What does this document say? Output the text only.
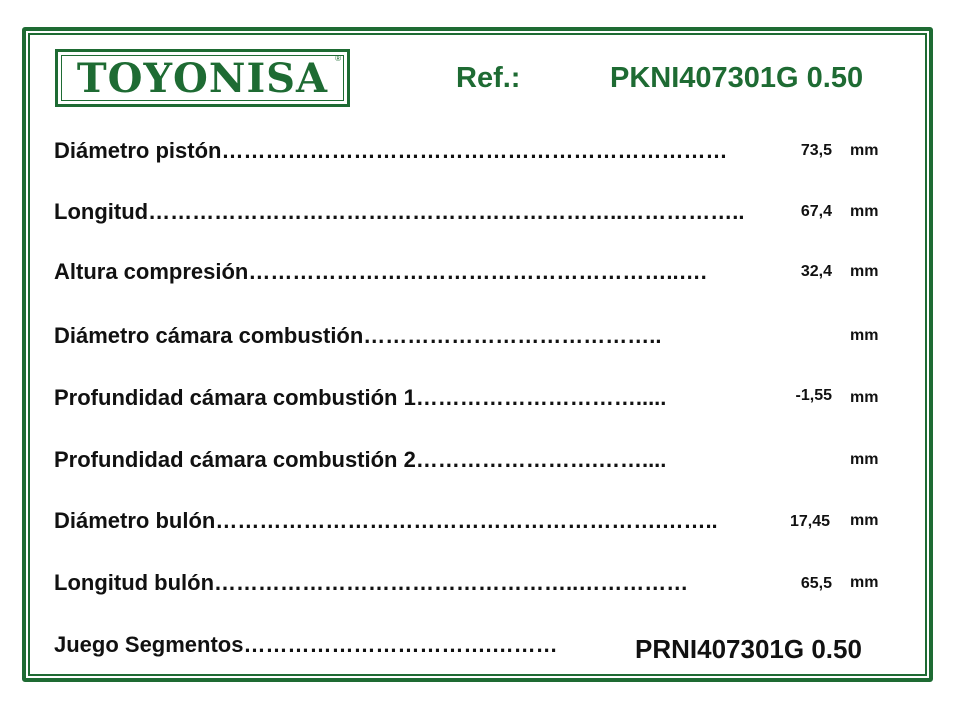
TOYONISA ®
Ref.:	PKNI407301G 0.50
Diámetro pistón……………………………………………………………	73,5 mm
Longitud………………………………………………………..……………..	67,4 mm
Altura compresión…………………………………………………..….	32,4 mm
Diámetro cámara combustión…………………………………..	mm
Profundidad cámara combustión 1………………………….....	-1,55 mm
Profundidad cámara combustión 2…………………….……....	mm
Diámetro bulón…………………………………………………….……..	17,45 mm
Longitud bulón…………………………………………..……………	65,5 mm
Juego Segmentos…………………………….………	PRNI407301G 0.50
